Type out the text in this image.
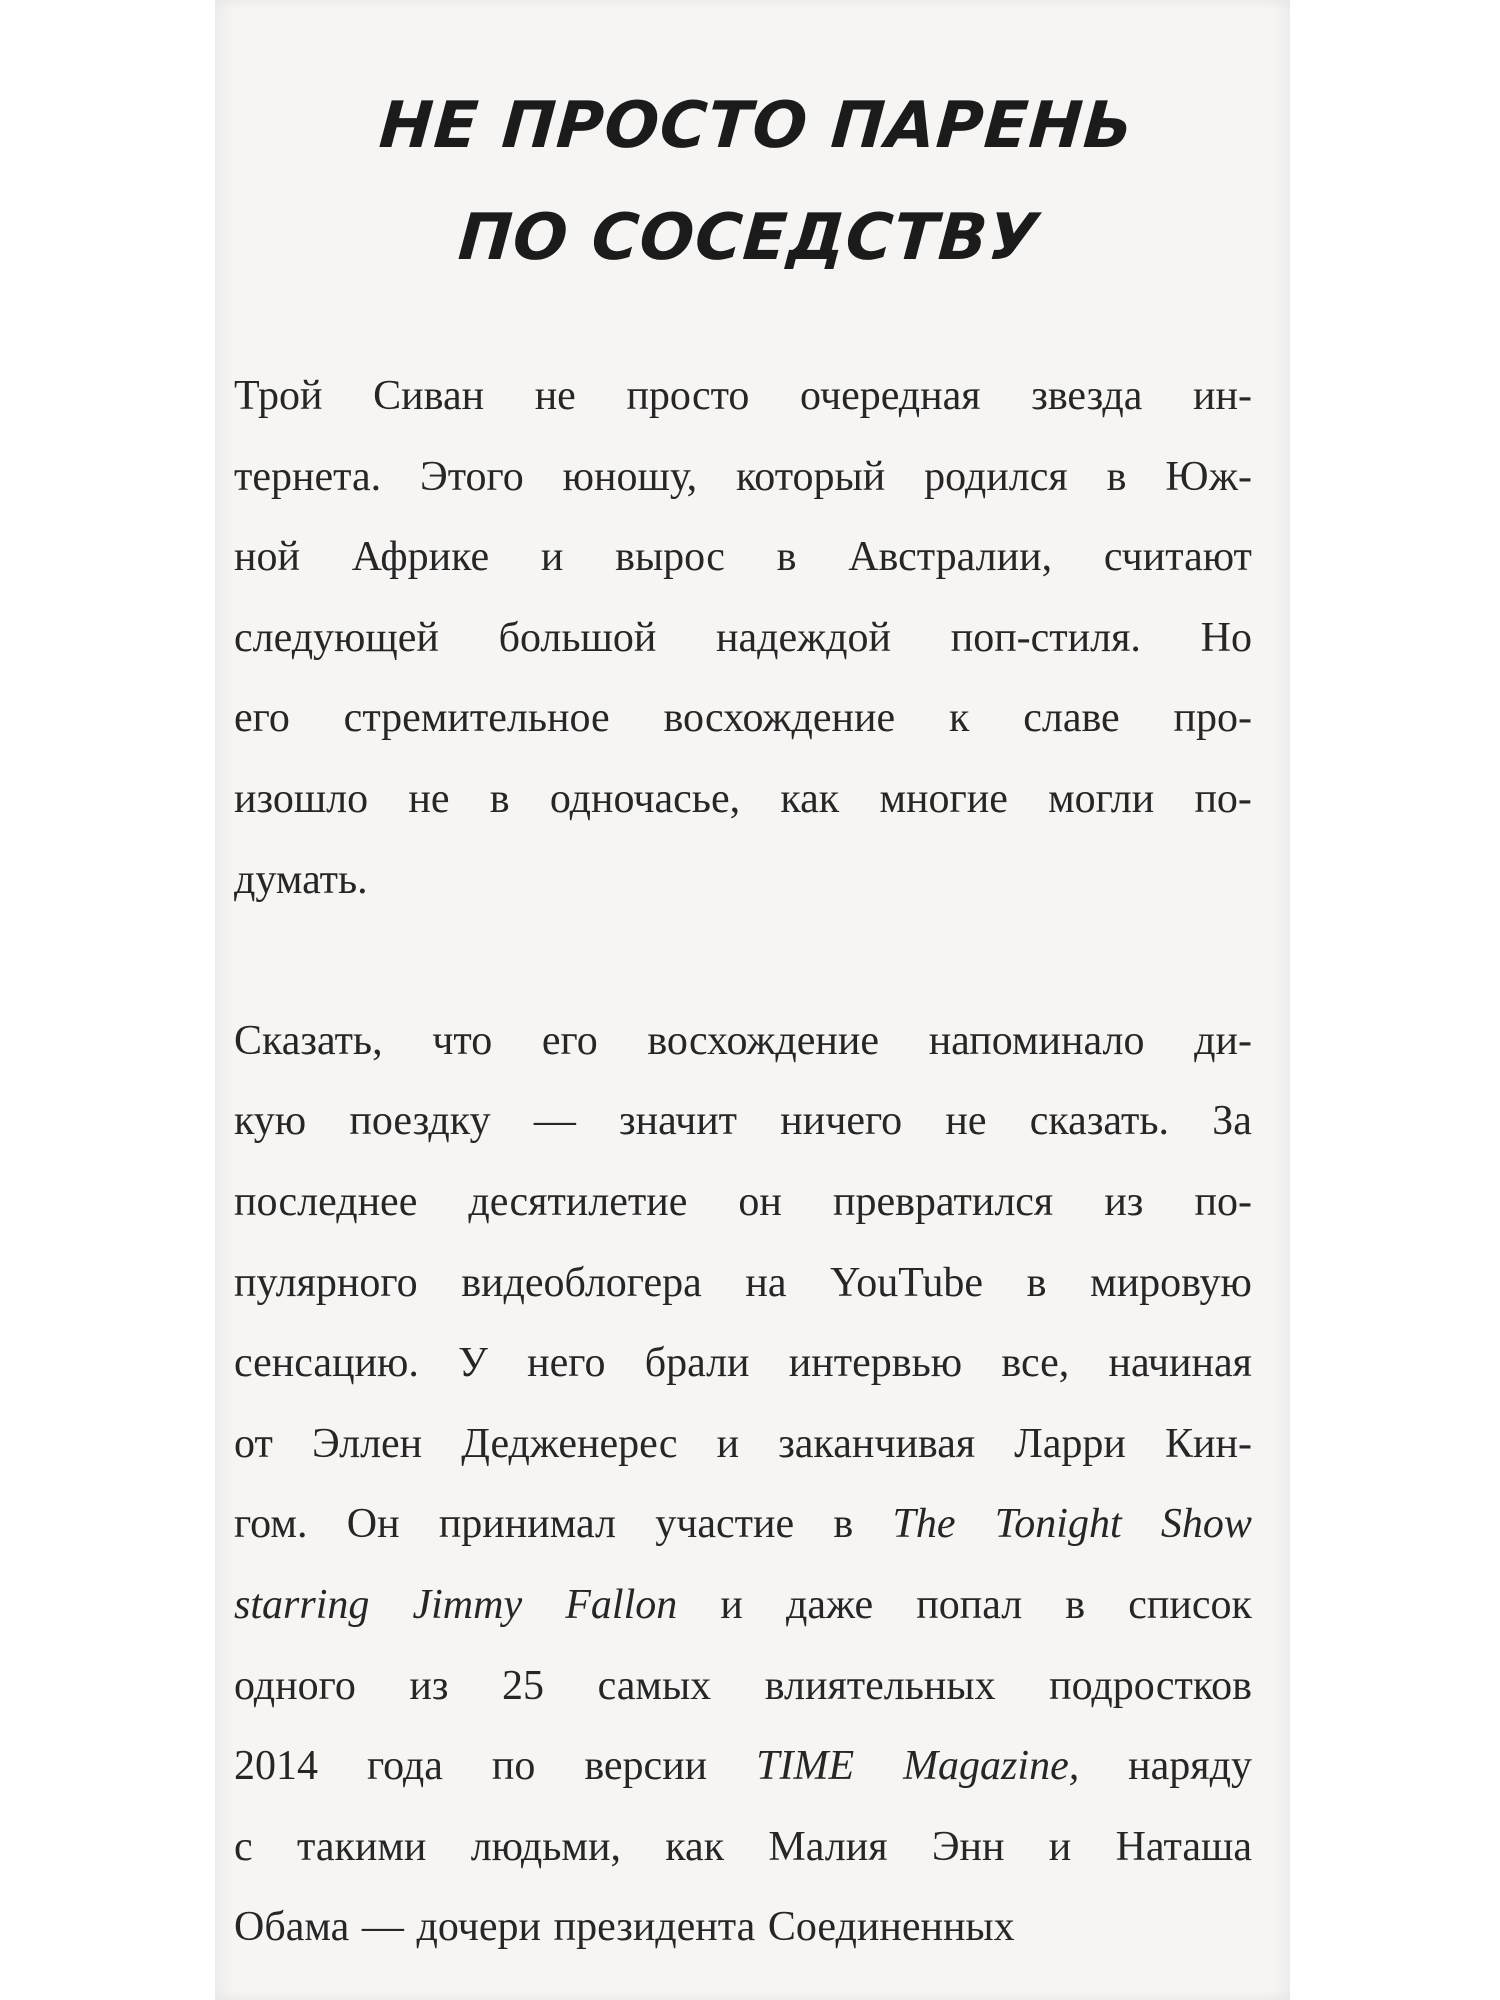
НЕ ПРОСТО ПАРЕНЬ
ПО СОСЕДСТВУ
Трой Сиван не просто очередная звезда ин-
тернета. Этого юношу, который родился в Юж-
ной Африке и вырос в Австралии, считают
следующей большой надеждой поп-стиля. Но
его стремительное восхождение к славе про-
изошло не в одночасье, как многие могли по-
думать.
Сказать, что его восхождение напоминало ди-
кую поездку — значит ничего не сказать. За
последнее десятилетие он превратился из по-
пулярного видеоблогера на YouTube в мировую
сенсацию. У него брали интервью все, начиная
от Эллен Дедженерес и заканчивая Ларри Кин-
гом. Он принимал участие в The Tonight Show
starring Jimmy Fallon и даже попал в список
одного из 25 самых влиятельных подростков
2014 года по версии TIME Magazine, наряду
с такими людьми, как Малия Энн и Наташа
Обама — дочери президента Соединенных
